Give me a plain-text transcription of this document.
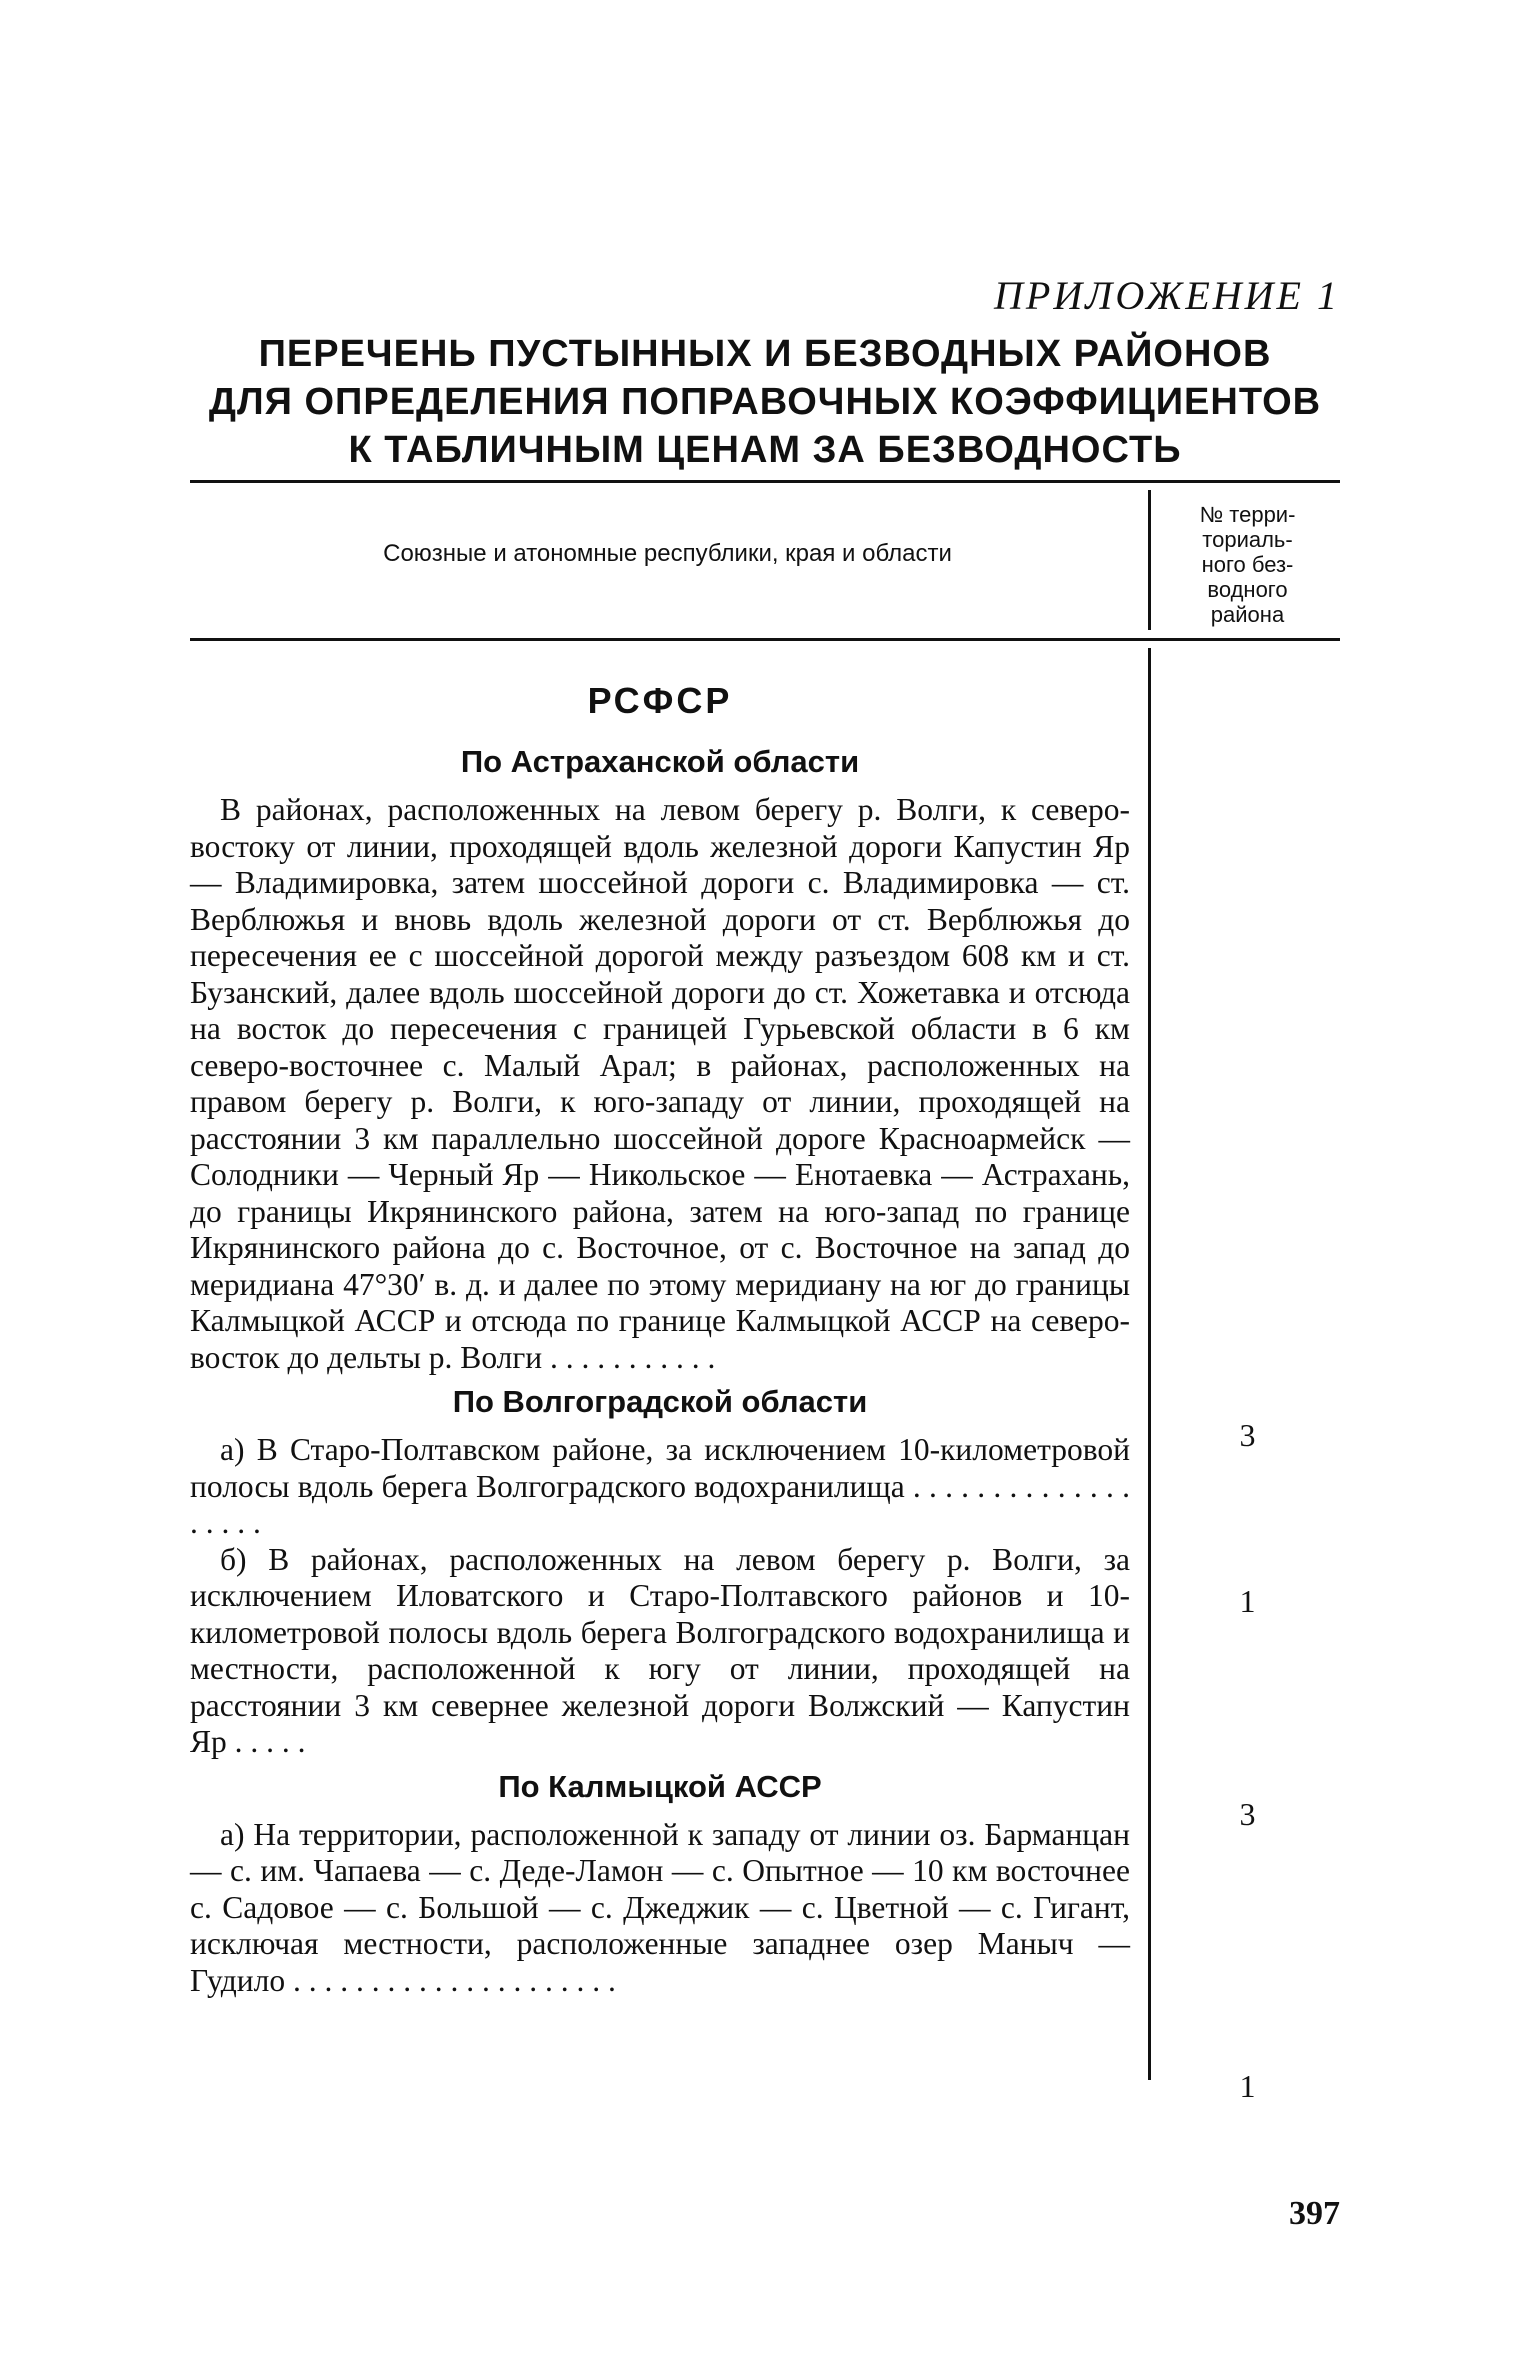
ПРИЛОЖЕНИЕ 1
ПЕРЕЧЕНЬ ПУСТЫННЫХ И БЕЗВОДНЫХ РАЙОНОВ
ДЛЯ ОПРЕДЕЛЕНИЯ ПОПРАВОЧНЫХ КОЭФФИЦИЕНТОВ
К ТАБЛИЧНЫМ ЦЕНАМ ЗА БЕЗВОДНОСТЬ
Союзные и атономные республики, края и области
№ терри-
ториаль-
ного без-
водного
района
РСФСР
По Астраханской области

В районах, расположенных на левом берегу р. Волги, к северо-востоку от линии, проходящей вдоль железной дороги Капустин Яр — Владимировка, затем шоссейной дороги с. Владимировка — ст. Верблюжья и вновь вдоль железной дороги от ст. Верблюжья до пересечения ее с шоссейной дорогой между разъездом 608 км и ст. Бузанский, далее вдоль шоссейной дороги до ст. Хожетавка и отсюда на восток до пересечения с границей Гурьевской области в 6 км северо-восточнее с. Малый Арал; в районах, расположенных на правом берегу р. Волги, к юго-западу от линии, проходящей на расстоянии 3 км параллельно шоссейной дороге Красноармейск — Солодники — Черный Яр — Никольское — Енотаевка — Астрахань, до границы Икрянинского района, затем на юго-запад по границе Икрянинского района до с. Восточное, от с. Восточное на запад до меридиана 47°30′ в. д. и далее по этому меридиану на юг до границы Калмыцкой АССР и отсюда по границе Калмыцкой АССР на северо-восток до дельты р. Волги . . . . . . . . . . .

По Волгоградской области

а) В Старо-Полтавском районе, за исключением 10-километровой полосы вдоль берега Волгоградского водохранилища . . . . . . . . . . . . . . . . . . .

б) В районах, расположенных на левом берегу р. Волги, за исключением Иловатского и Старо-Полтавского районов и 10-километровой полосы вдоль берега Волгоградского водохранилища и местности, расположенной к югу от линии, проходящей на расстоянии 3 км севернее железной дороги Волжский — Капустин Яр . . . . .

По Калмыцкой АССР

а) На территории, расположенной к западу от линии оз. Барманцан — с. им. Чапаева — с. Деде-Ламон — с. Опытное — 10 км восточнее с. Садовое — с. Большой — с. Джеджик — с. Цветной — с. Гигант, исключая местности, расположенные западнее озер Маныч — Гудило . . . . . . . . . . . . . . . . . . . . .

3
1
3
1
397
